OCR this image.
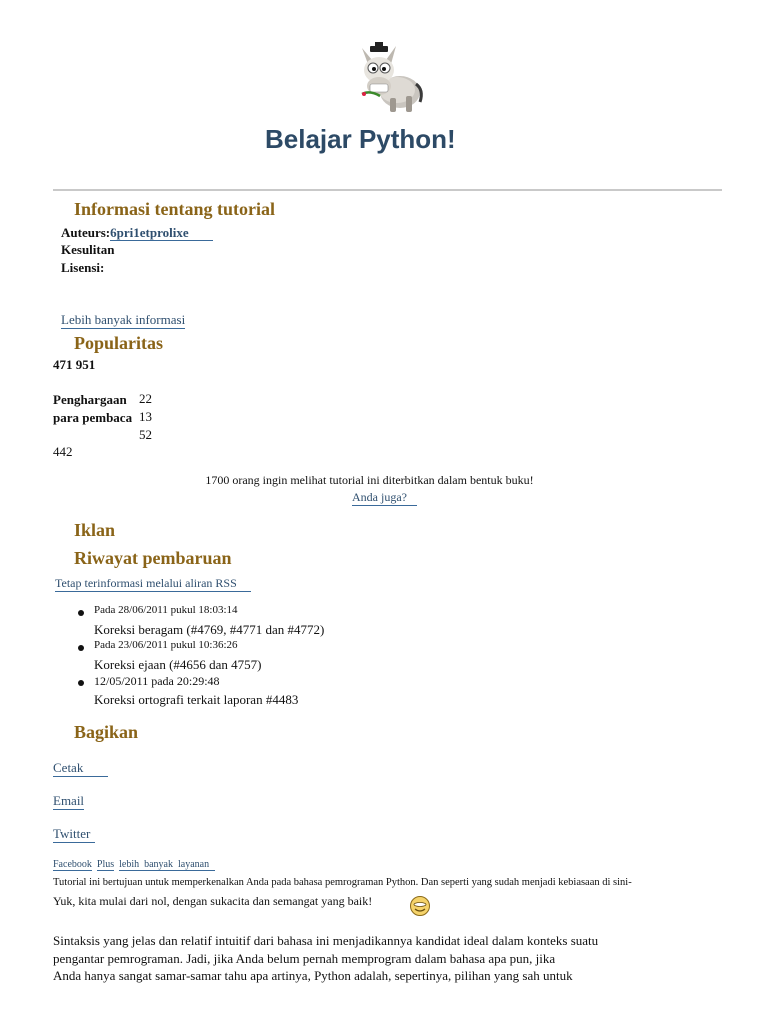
Belajar Python!
Informasi tentang tutorial
Auteurs:6pri1etprolixe
Kesulitan
Lisensi:
Lebih banyak informasi
Popularitas
471 951
Penghargaan
para pembaca
22
13
52
442
1700 orang ingin melihat tutorial ini diterbitkan dalam bentuk buku!
Anda juga?
Iklan
Riwayat pembaruan
Tetap terinformasi melalui aliran RSS
Pada 28/06/2011 pukul 18:03:14
Koreksi beragam (#4769, #4771 dan #4772)
Pada 23/06/2011 pukul 10:36:26
Koreksi ejaan (#4656 dan 4757)
12/05/2011 pada 20:29:48
Koreksi ortografi terkait laporan #4483
Bagikan
Cetak
Email
Twitter
Facebook Plus lebih  banyak  layanan
Tutorial ini bertujuan untuk memperkenalkan Anda pada bahasa pemrograman Python. Dan seperti yang sudah menjadi kebiasaan di sini-
Yuk, kita mulai dari nol, dengan sukacita dan semangat yang baik!
Sintaksis yang jelas dan relatif intuitif dari bahasa ini menjadikannya kandidat ideal dalam konteks suatu
pengantar pemrograman. Jadi, jika Anda belum pernah memprogram dalam bahasa apa pun, jika
Anda hanya sangat samar-samar tahu apa artinya, Python adalah, sepertinya, pilihan yang sah untuk
